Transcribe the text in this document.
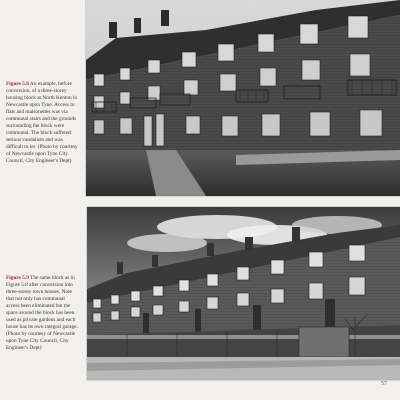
Figure 5.8 An example, before conversion, of a three-storey housing block at North Kenton in Newcastle upon Tyne. Access to flats and maisonettes was via communal stairs and the grounds surrounding the block were communal. The block suffered serious vandalism and was difficult to let. (Photo by courtesy of Newcastle upon Tyne City Council, City Engineer's Dept)
Figure 5.9 The same block as in Figure 5.8 after conversion into three-storey town houses. Note that not only has communal access been eliminated but the space around the block has been used as private gardens and each house has its own integral garage. (Photo by courtesy of Newcastle upon Tyne City Council, City Engineer's Dept)
57
